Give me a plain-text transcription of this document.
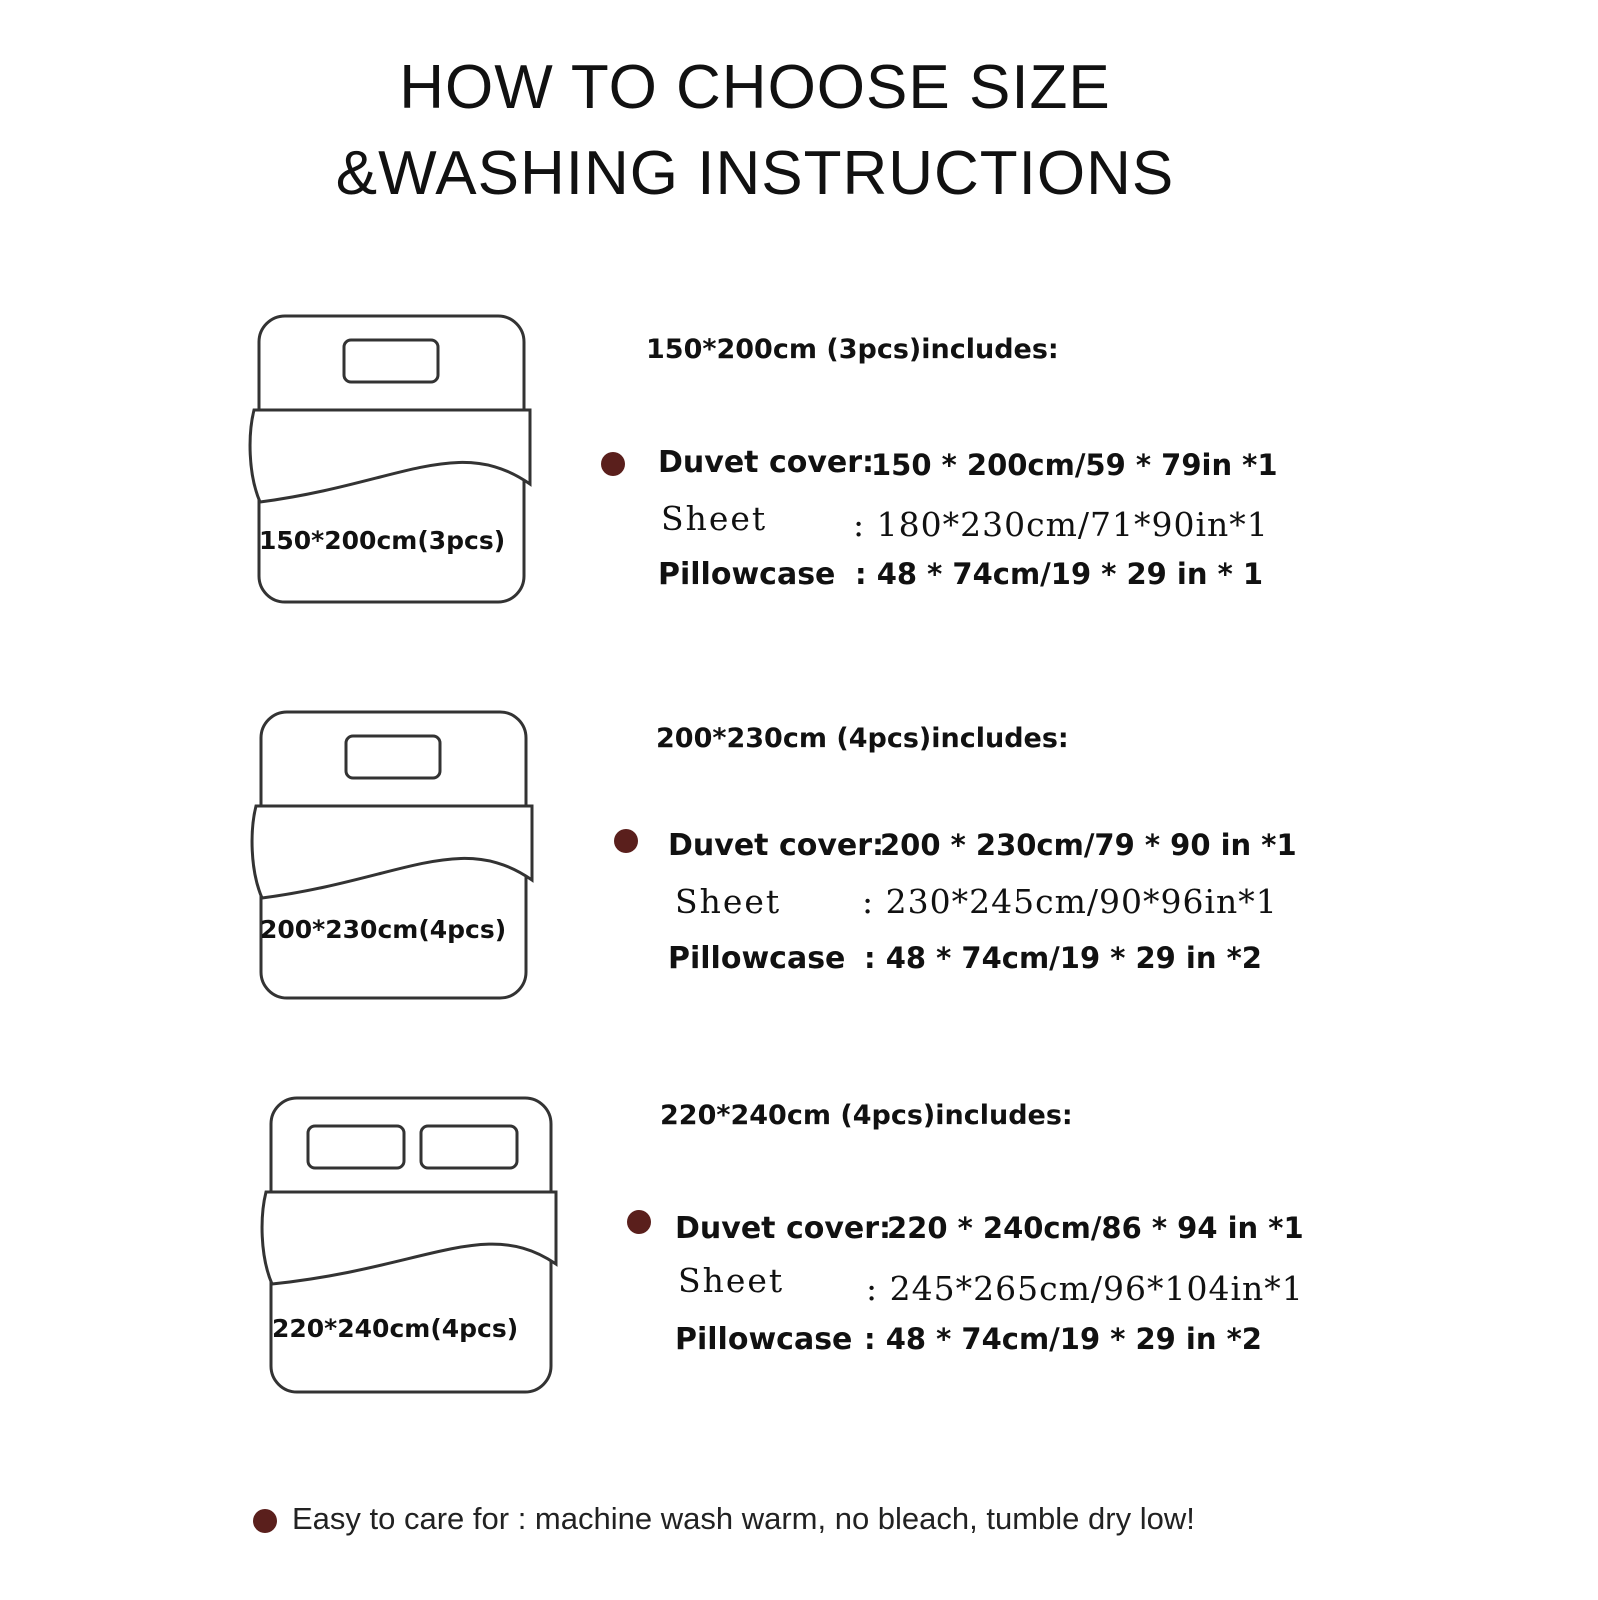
HOW TO CHOOSE SIZE
&WASHING INSTRUCTIONS
150*200cm(3pcs)
150*200cm (3pcs)includes:
Duvet cover:
150 * 200cm/59 * 79in *1
Sheet	: 180*230cm/71*90in*1
Pillowcase : 48 * 74cm/19 * 29 in * 1
200*230cm(4pcs)
200*230cm (4pcs)includes:
Duvet cover:
200 * 230cm/79 * 90 in *1
Sheet : 230*245cm/90*96in*1
Pillowcase : 48 * 74cm/19 * 29 in *2
220*240cm(4pcs)
220*240cm (4pcs)includes:
Duvet cover:
220 * 240cm/86 * 94 in *1
Sheet : 245*265cm/96*104in*1
Pillowcase : 48 * 74cm/19 * 29 in *2
Easy to care for : machine wash warm, no bleach, tumble dry low!
